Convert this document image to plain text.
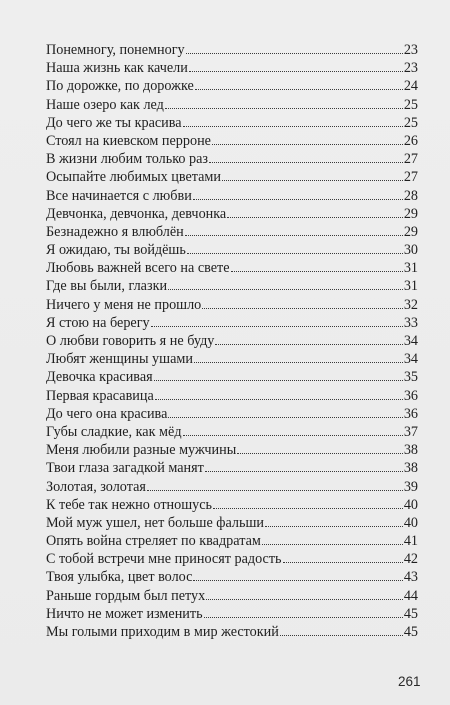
Понемногу, понемногу	23
Наша жизнь как качели	23
По дорожке, по дорожке	24
Наше озеро как лед	25
До чего же ты красива	25
Стоял на киевском перроне	26
В жизни любим только раз	27
Осыпайте любимых цветами	27
Все начинается с любви	28
Девчонка, девчонка, девчонка	29
Безнадежно я влюблён	29
Я ожидаю, ты войдёшь	30
Любовь важней всего на свете	31
Где вы были, глазки	31
Ничего у меня не прошло	32
Я стою на берегу	33
О любви говорить я не буду	34
Любят женщины ушами	34
Девочка красивая	35
Первая красавица	36
До чего она красива	36
Губы сладкие, как мёд	37
Меня любили разные мужчины	38
Твои глаза загадкой манят	38
Золотая, золотая	39
К тебе так нежно отношусь	40
Мой муж ушел, нет больше фальши	40
Опять война стреляет по квадратам	41
С тобой встречи мне приносят радость	42
Твоя улыбка, цвет волос	43
Раньше гордым был петух	44
Ничто не может изменить	45
Мы голыми приходим в мир жестокий	45
261
